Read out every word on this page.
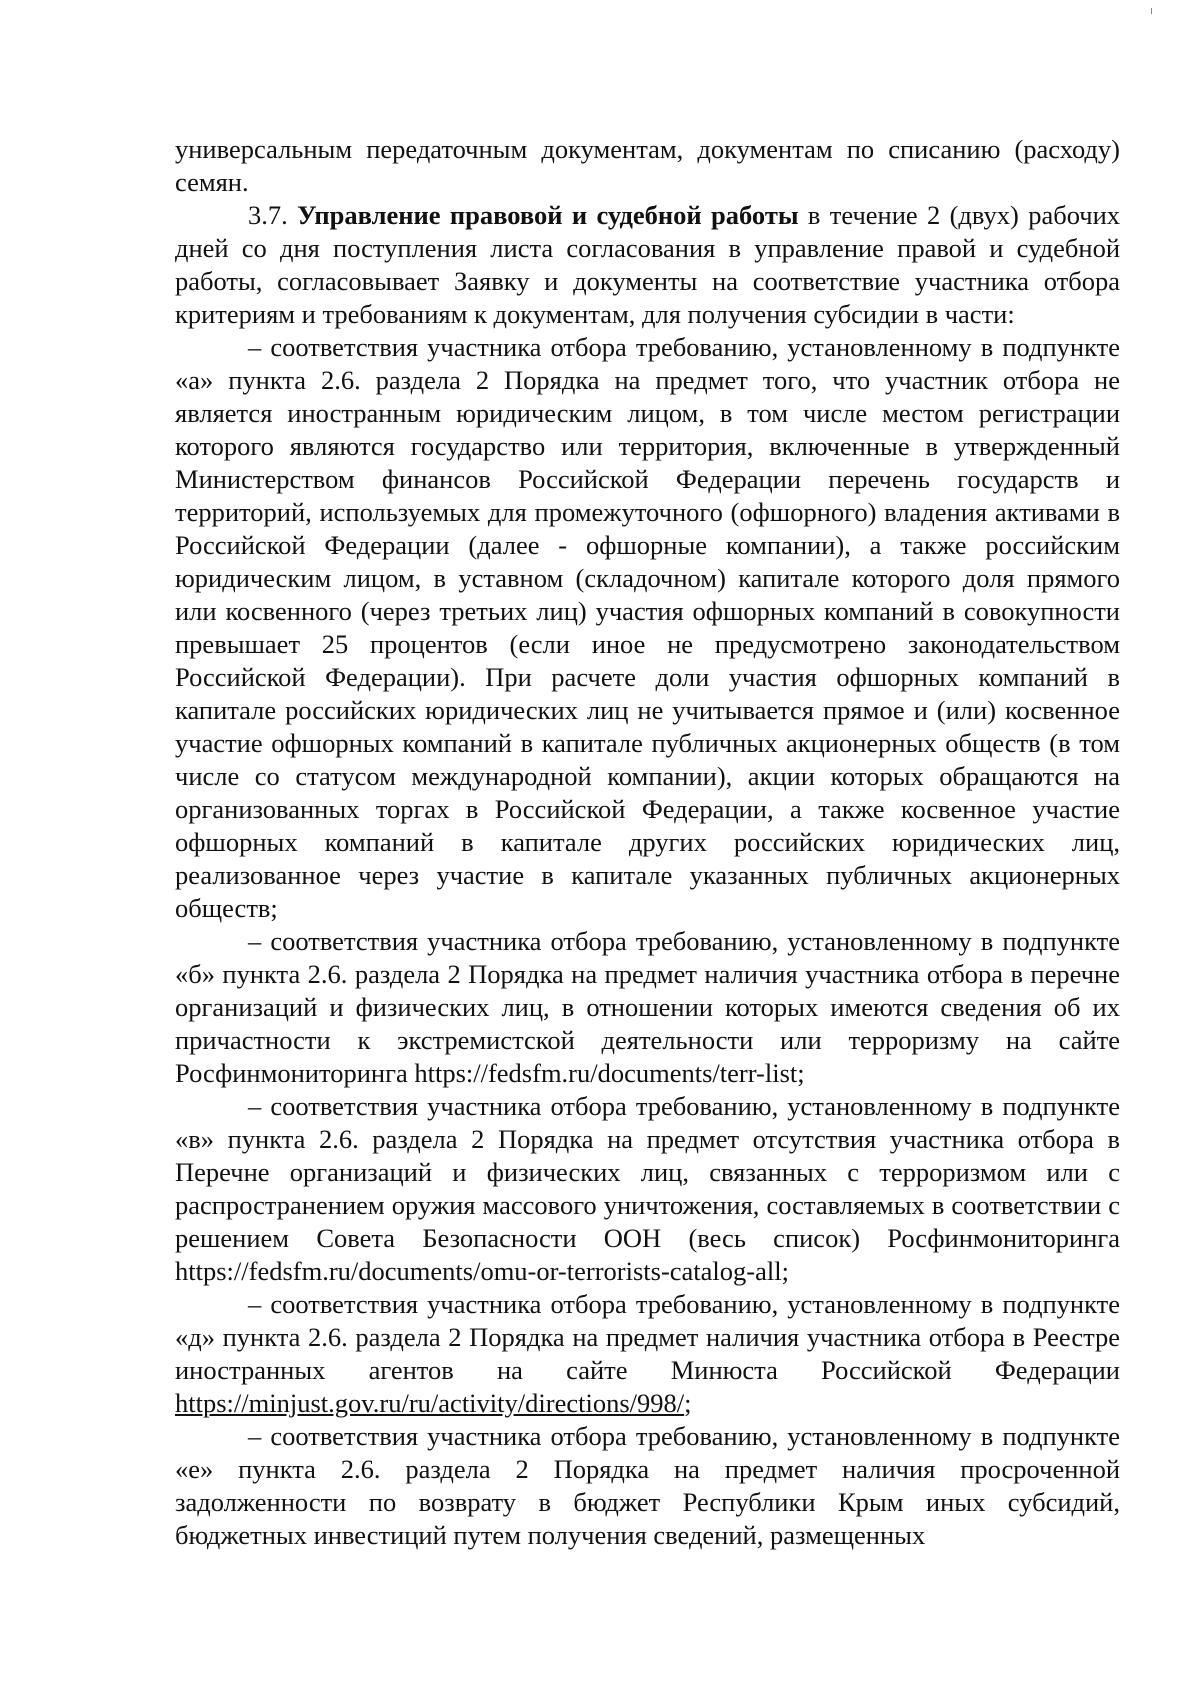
универсальным передаточным документам, документам по списанию (расходу) семян.

3.7. Управление правовой и судебной работы в течение 2 (двух) рабочих дней со дня поступления листа согласования в управление правой и судебной работы, согласовывает Заявку и документы на соответствие участника отбора критериям и требованиям к документам, для получения субсидии в части:

– соответствия участника отбора требованию, установленному в подпункте «а» пункта 2.6. раздела 2 Порядка на предмет того, что участник отбора не является иностранным юридическим лицом, в том числе местом регистрации которого являются государство или территория, включенные в утвержденный Министерством финансов Российской Федерации перечень государств и территорий, используемых для промежуточного (офшорного) владения активами в Российской Федерации (далее - офшорные компании), а также российским юридическим лицом, в уставном (складочном) капитале которого доля прямого или косвенного (через третьих лиц) участия офшорных компаний в совокупности превышает 25 процентов (если иное не предусмотрено законодательством Российской Федерации). При расчете доли участия офшорных компаний в капитале российских юридических лиц не учитывается прямое и (или) косвенное участие офшорных компаний в капитале публичных акционерных обществ (в том числе со статусом международной компании), акции которых обращаются на организованных торгах в Российской Федерации, а также косвенное участие офшорных компаний в капитале других российских юридических лиц, реализованное через участие в капитале указанных публичных акционерных обществ;

– соответствия участника отбора требованию, установленному в подпункте «б» пункта 2.6. раздела 2 Порядка на предмет наличия участника отбора в перечне организаций и физических лиц, в отношении которых имеются сведения об их причастности к экстремистской деятельности или терроризму на сайте Росфинмониторинга https://fedsfm.ru/documents/terr-list;

– соответствия участника отбора требованию, установленному в подпункте «в» пункта 2.6. раздела 2 Порядка на предмет отсутствия участника отбора в Перечне организаций и физических лиц, связанных с терроризмом или с распространением оружия массового уничтожения, составляемых в соответствии с решением Совета Безопасности ООН (весь список) Росфинмониторинга https://fedsfm.ru/documents/omu-or-terrorists-catalog-all;

– соответствия участника отбора требованию, установленному в подпункте «д» пункта 2.6. раздела 2 Порядка на предмет наличия участника отбора в Реестре иностранных агентов на сайте Минюста Российской Федерации https://minjust.gov.ru/ru/activity/directions/998/;

– соответствия участника отбора требованию, установленному в подпункте «е» пункта 2.6. раздела 2 Порядка на предмет наличия просроченной задолженности по возврату в бюджет Республики Крым иных субсидий, бюджетных инвестиций путем получения сведений, размещенных
